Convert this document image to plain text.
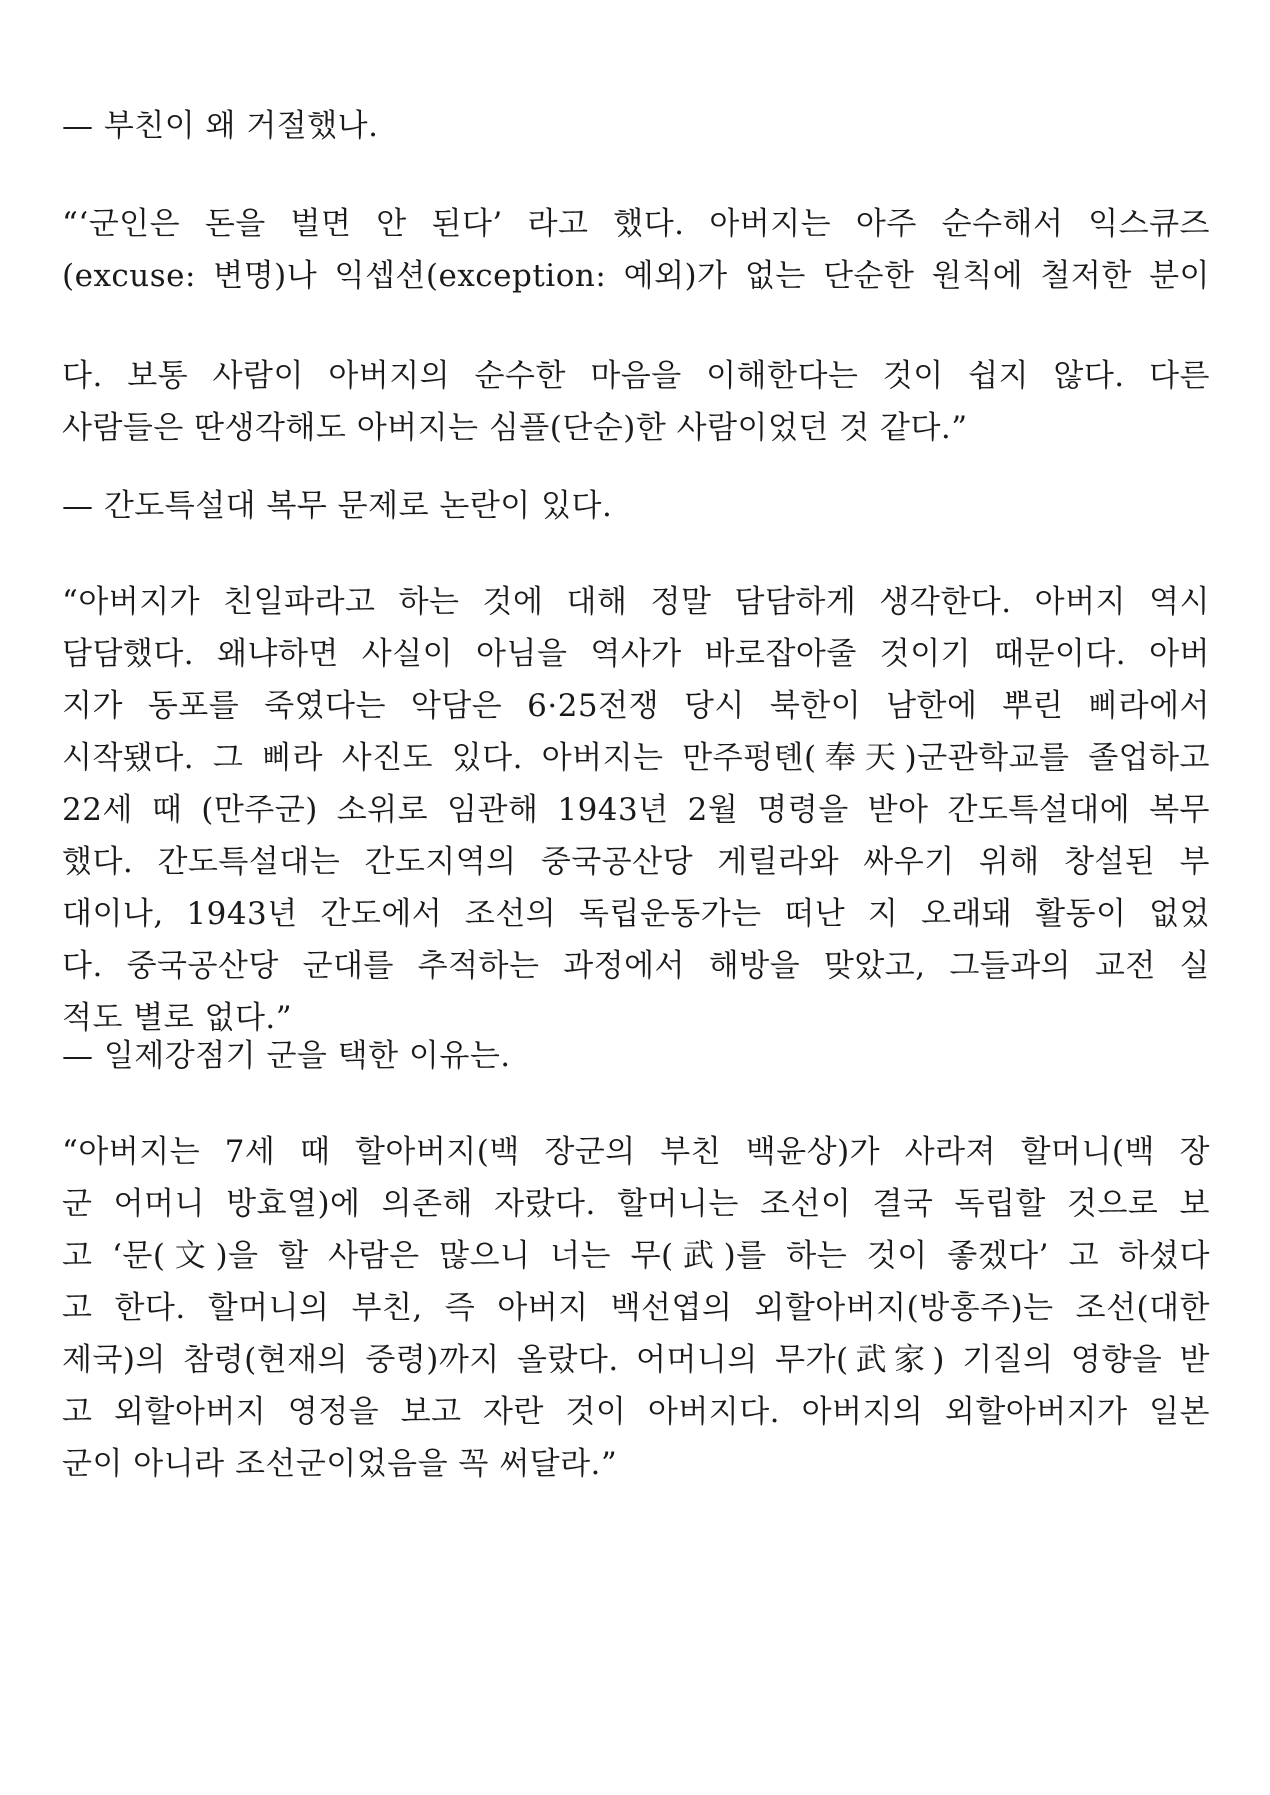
— 부친이 왜 거절했나.
“‘군인은 돈을 벌면 안 된다’ 라고 했다. 아버지는 아주 순수해서 익스큐즈
(excuse: 변명)나 익셉션(exception: 예외)가 없는 단순한 원칙에 철저한 분이
다. 보통 사람이 아버지의 순수한 마음을 이해한다는 것이 쉽지 않다. 다른
사람들은 딴생각해도 아버지는 심플(단순)한 사람이었던 것 같다.”
— 간도특설대 복무 문제로 논란이 있다.
“아버지가 친일파라고 하는 것에 대해 정말 담담하게 생각한다. 아버지 역시
담담했다. 왜냐하면 사실이 아님을 역사가 바로잡아줄 것이기 때문이다. 아버
지가 동포를 죽였다는 악담은 6·25전쟁 당시 북한이 남한에 뿌린 삐라에서
시작됐다. 그 삐라 사진도 있다. 아버지는 만주펑톈(奉天)군관학교를 졸업하고
22세 때 (만주군) 소위로 임관해 1943년 2월 명령을 받아 간도특설대에 복무
했다. 간도특설대는 간도지역의 중국공산당 게릴라와 싸우기 위해 창설된 부
대이나, 1943년 간도에서 조선의 독립운동가는 떠난 지 오래돼 활동이 없었
다. 중국공산당 군대를 추적하는 과정에서 해방을 맞았고, 그들과의 교전 실
적도 별로 없다.”
— 일제강점기 군을 택한 이유는.
“아버지는 7세 때 할아버지(백 장군의 부친 백윤상)가 사라져 할머니(백 장
군 어머니 방효열)에 의존해 자랐다. 할머니는 조선이 결국 독립할 것으로 보
고 ‘문(文)을 할 사람은 많으니 너는 무(武)를 하는 것이 좋겠다’ 고 하셨다
고 한다. 할머니의 부친, 즉 아버지 백선엽의 외할아버지(방홍주)는 조선(대한
제국)의 참령(현재의 중령)까지 올랐다. 어머니의 무가(武家) 기질의 영향을 받
고 외할아버지 영정을 보고 자란 것이 아버지다. 아버지의 외할아버지가 일본
군이 아니라 조선군이었음을 꼭 써달라.”
